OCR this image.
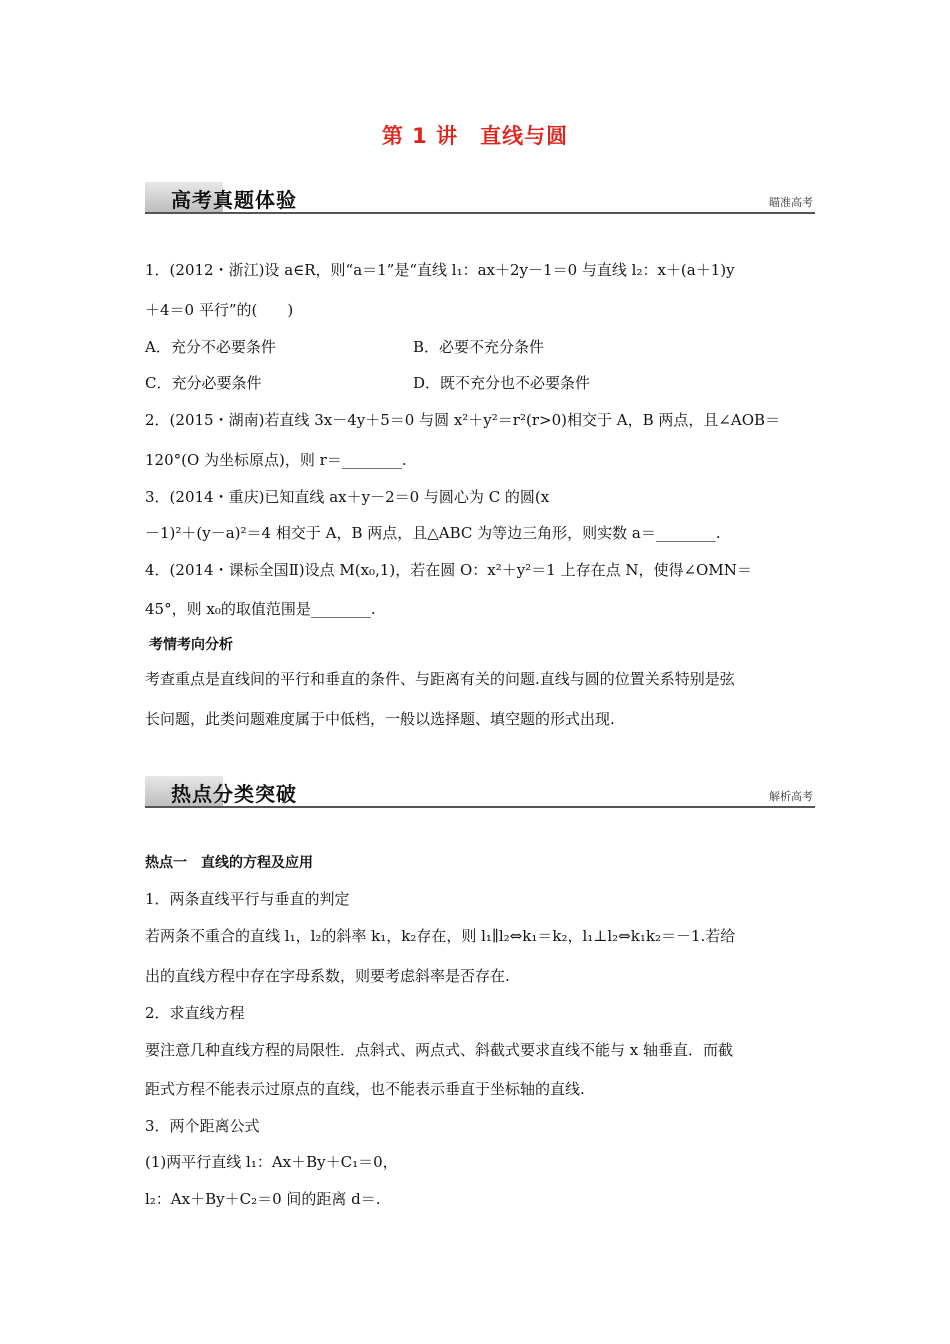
第 1 讲　直线与圆
高考真题体验	瞄准高考
1．(2012・浙江)设 a∈R，则“a＝1”是“直线 l₁：ax＋2y－1＝0 与直线 l₂：x＋(a＋1)y
＋4＝0 平行”的(　　)
A．充分不必要条件	B．必要不充分条件
C．充分必要条件	D．既不充分也不必要条件
2．(2015・湖南)若直线 3x－4y＋5＝0 与圆 x²＋y²＝r²(r>0)相交于 A，B 两点，且∠AOB＝
120°(O 为坐标原点)，则 r＝________.
3．(2014・重庆)已知直线 ax＋y－2＝0 与圆心为 C 的圆(x
－1)²＋(y－a)²＝4 相交于 A，B 两点，且△ABC 为等边三角形，则实数 a＝________.
4．(2014・课标全国Ⅱ)设点 M(x₀,1)，若在圆 O：x²＋y²＝1 上存在点 N，使得∠OMN＝
45°，则 x₀的取值范围是________.
考情考向分析
考查重点是直线间的平行和垂直的条件、与距离有关的问题.直线与圆的位置关系特别是弦
长问题，此类问题难度属于中低档，一般以选择题、填空题的形式出现.
热点分类突破	解析高考
热点一　直线的方程及应用
1．两条直线平行与垂直的判定
若两条不重合的直线 l₁，l₂的斜率 k₁，k₂存在，则 l₁∥l₂⇔k₁＝k₂，l₁⊥l₂⇔k₁k₂＝－1.若给
出的直线方程中存在字母系数，则要考虑斜率是否存在.
2．求直线方程
要注意几种直线方程的局限性．点斜式、两点式、斜截式要求直线不能与 x 轴垂直．而截
距式方程不能表示过原点的直线，也不能表示垂直于坐标轴的直线.
3．两个距离公式
(1)两平行直线 l₁：Ax＋By＋C₁＝0，
l₂：Ax＋By＋C₂＝0 间的距离 d＝.
